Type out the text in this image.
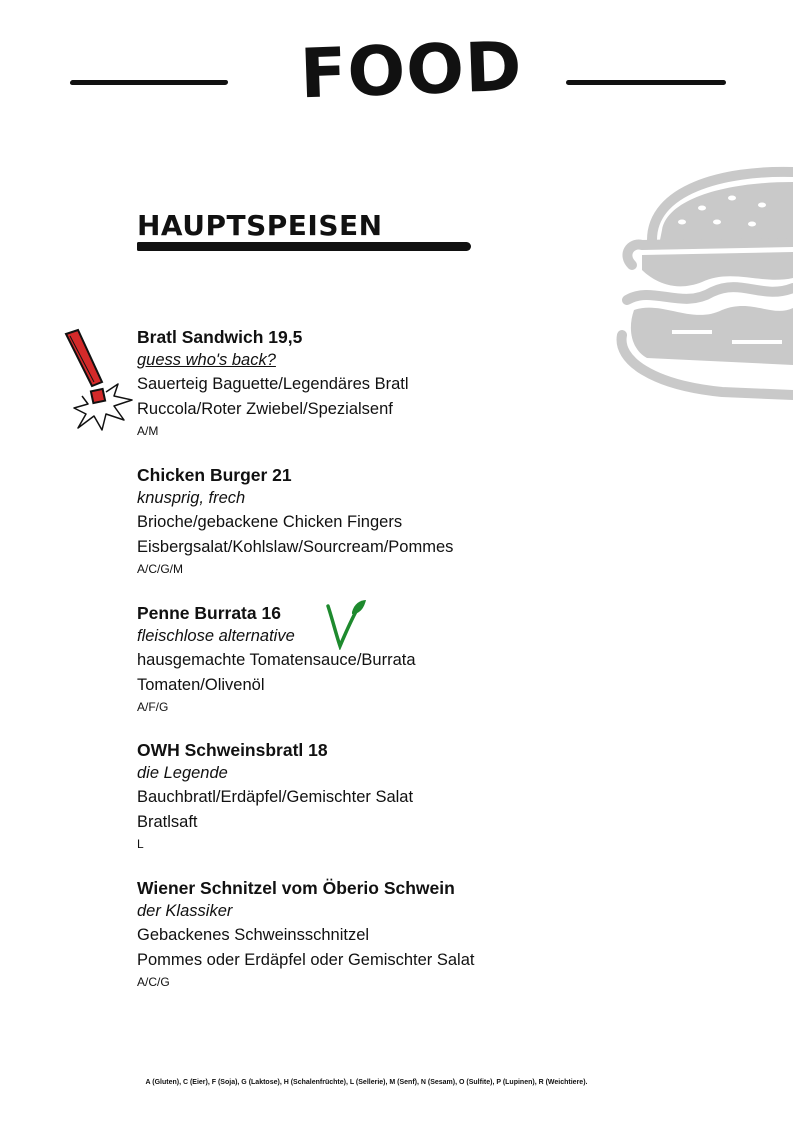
FOOD
HAUPTSPEISEN
Bratl Sandwich 19,5
guess who's back?
Sauerteig Baguette/Legendäres Bratl
Ruccola/Roter Zwiebel/Spezialsenf
A/M
Chicken Burger 21
knusprig, frech
Brioche/gebackene Chicken Fingers
Eisbergsalat/Kohlslaw/Sourcream/Pommes
A/C/G/M
Penne Burrata 16
fleischlose alternative
hausgemachte Tomatensauce/Burrata
Tomaten/Olivenöl
A/F/G
OWH Schweinsbratl 18
die Legende
Bauchbratl/Erdäpfel/Gemischter Salat
Bratlsaft
L
Wiener Schnitzel vom Öberio Schwein
der Klassiker
Gebackenes Schweinsschnitzel
Pommes oder Erdäpfel oder Gemischter Salat
A/C/G
A (Gluten), C (Eier), F (Soja), G (Laktose), H (Schalenfrüchte), L (Sellerie), M (Senf), N (Sesam), O (Sulfite), P (Lupinen), R (Weichtiere).
